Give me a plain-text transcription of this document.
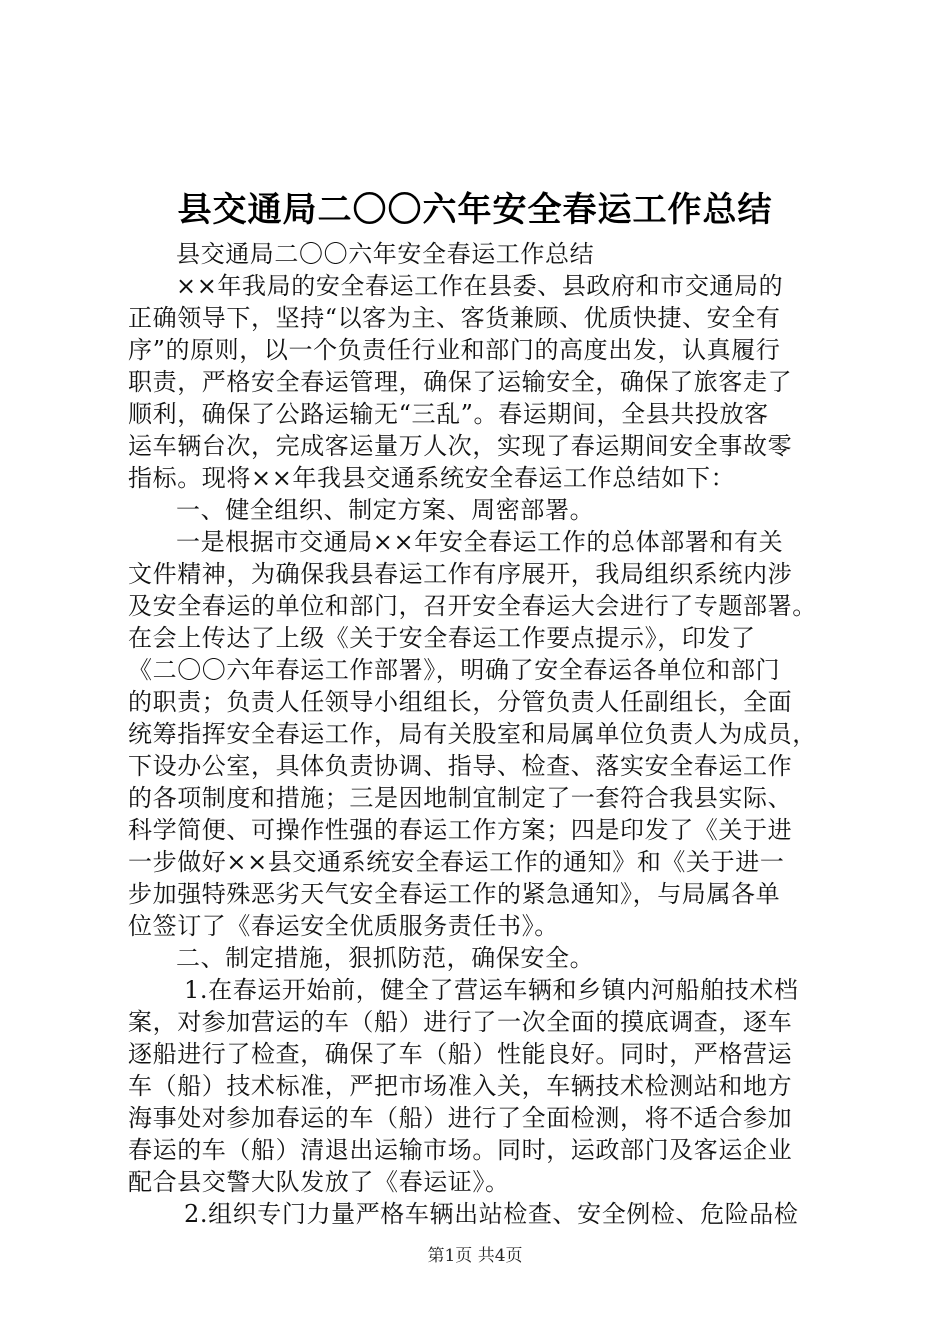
县交通局二〇〇六年安全春运工作总结

县交通局二〇〇六年安全春运工作总结

××年我局的安全春运工作在县委、县政府和市交通局的

正确领导下，坚持“以客为主、客货兼顾、优质快捷、安全有

序”的原则，以一个负责任行业和部门的高度出发，认真履行

职责，严格安全春运管理，确保了运输安全，确保了旅客走了

顺利，确保了公路运输无“三乱”。春运期间，全县共投放客

运车辆台次，完成客运量万人次，实现了春运期间安全事故零

指标。现将××年我县交通系统安全春运工作总结如下：

一、健全组织、制定方案、周密部署。

一是根据市交通局××年安全春运工作的总体部署和有关

文件精神，为确保我县春运工作有序展开，我局组织系统内涉

及安全春运的单位和部门，召开安全春运大会进行了专题部署。

在会上传达了上级《关于安全春运工作要点提示》，印发了

《二〇〇六年春运工作部署》，明确了安全春运各单位和部门

的职责；负责人任领导小组组长，分管负责人任副组长，全面

统筹指挥安全春运工作，局有关股室和局属单位负责人为成员，

下设办公室，具体负责协调、指导、检查、落实安全春运工作

的各项制度和措施；三是因地制宜制定了一套符合我县实际、

科学简便、可操作性强的春运工作方案；四是印发了《关于进

一步做好××县交通系统安全春运工作的通知》和《关于进一

步加强特殊恶劣天气安全春运工作的紧急通知》，与局属各单

位签订了《春运安全优质服务责任书》。

二、制定措施，狠抓防范，确保安全。

1.在春运开始前，健全了营运车辆和乡镇内河船舶技术档

案，对参加营运的车（船）进行了一次全面的摸底调查，逐车

逐船进行了检查，确保了车（船）性能良好。同时，严格营运

车（船）技术标准，严把市场准入关，车辆技术检测站和地方

海事处对参加春运的车（船）进行了全面检测，将不适合参加

春运的车（船）清退出运输市场。同时，运政部门及客运企业

配合县交警大队发放了《春运证》。

2.组织专门力量严格车辆出站检查、安全例检、危险品检

第1页 共4页
